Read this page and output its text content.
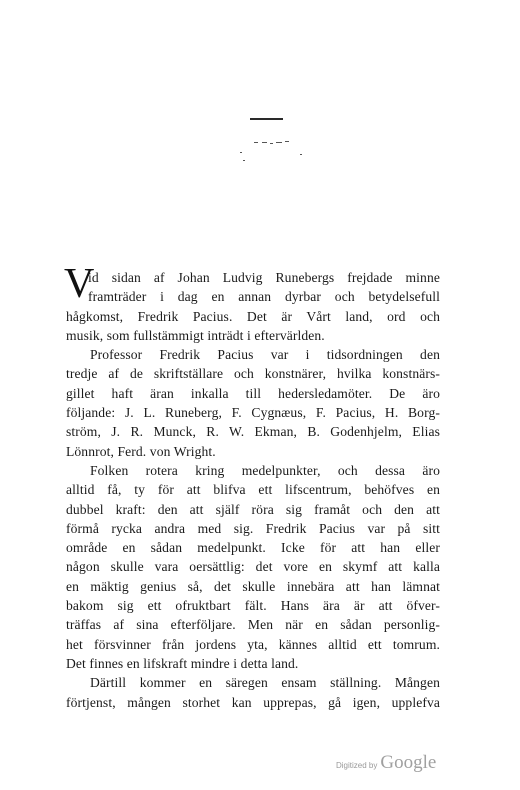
V
id sidan af Johan Ludvig Runebergs frejdade minne
framträder i dag en annan dyrbar och betydelsefull
hågkomst, Fredrik Pacius. Det är Vårt land, ord och
musik, som fullstämmigt inträdt i eftervärlden.
Professor Fredrik Pacius var i tidsordningen den
tredje af de skriftställare och konstnärer, hvilka konstnärs-
gillet haft äran inkalla till hedersledamöter. De äro
följande: J. L. Runeberg, F. Cygnæus, F. Pacius, H. Borg-
ström, J. R. Munck, R. W. Ekman, B. Godenhjelm, Elias
Lönnrot, Ferd. von Wright.
Folken rotera kring medelpunkter, och dessa äro
alltid få, ty för att blifva ett lifscentrum, behöfves en
dubbel kraft: den att själf röra sig framåt och den att
förmå rycka andra med sig. Fredrik Pacius var på sitt
område en sådan medelpunkt. Icke för att han eller
någon skulle vara oersättlig: det vore en skymf att kalla
en mäktig genius så, det skulle innebära att han lämnat
bakom sig ett ofruktbart fält. Hans ära är att öfver-
träffas af sina efterföljare. Men när en sådan personlig-
het försvinner från jordens yta, kännes alltid ett tomrum.
Det finnes en lifskraft mindre i detta land.
Därtill kommer en säregen ensam ställning. Mången
förtjenst, mången storhet kan upprepas, gå igen, upplefva
Digitized by Google
